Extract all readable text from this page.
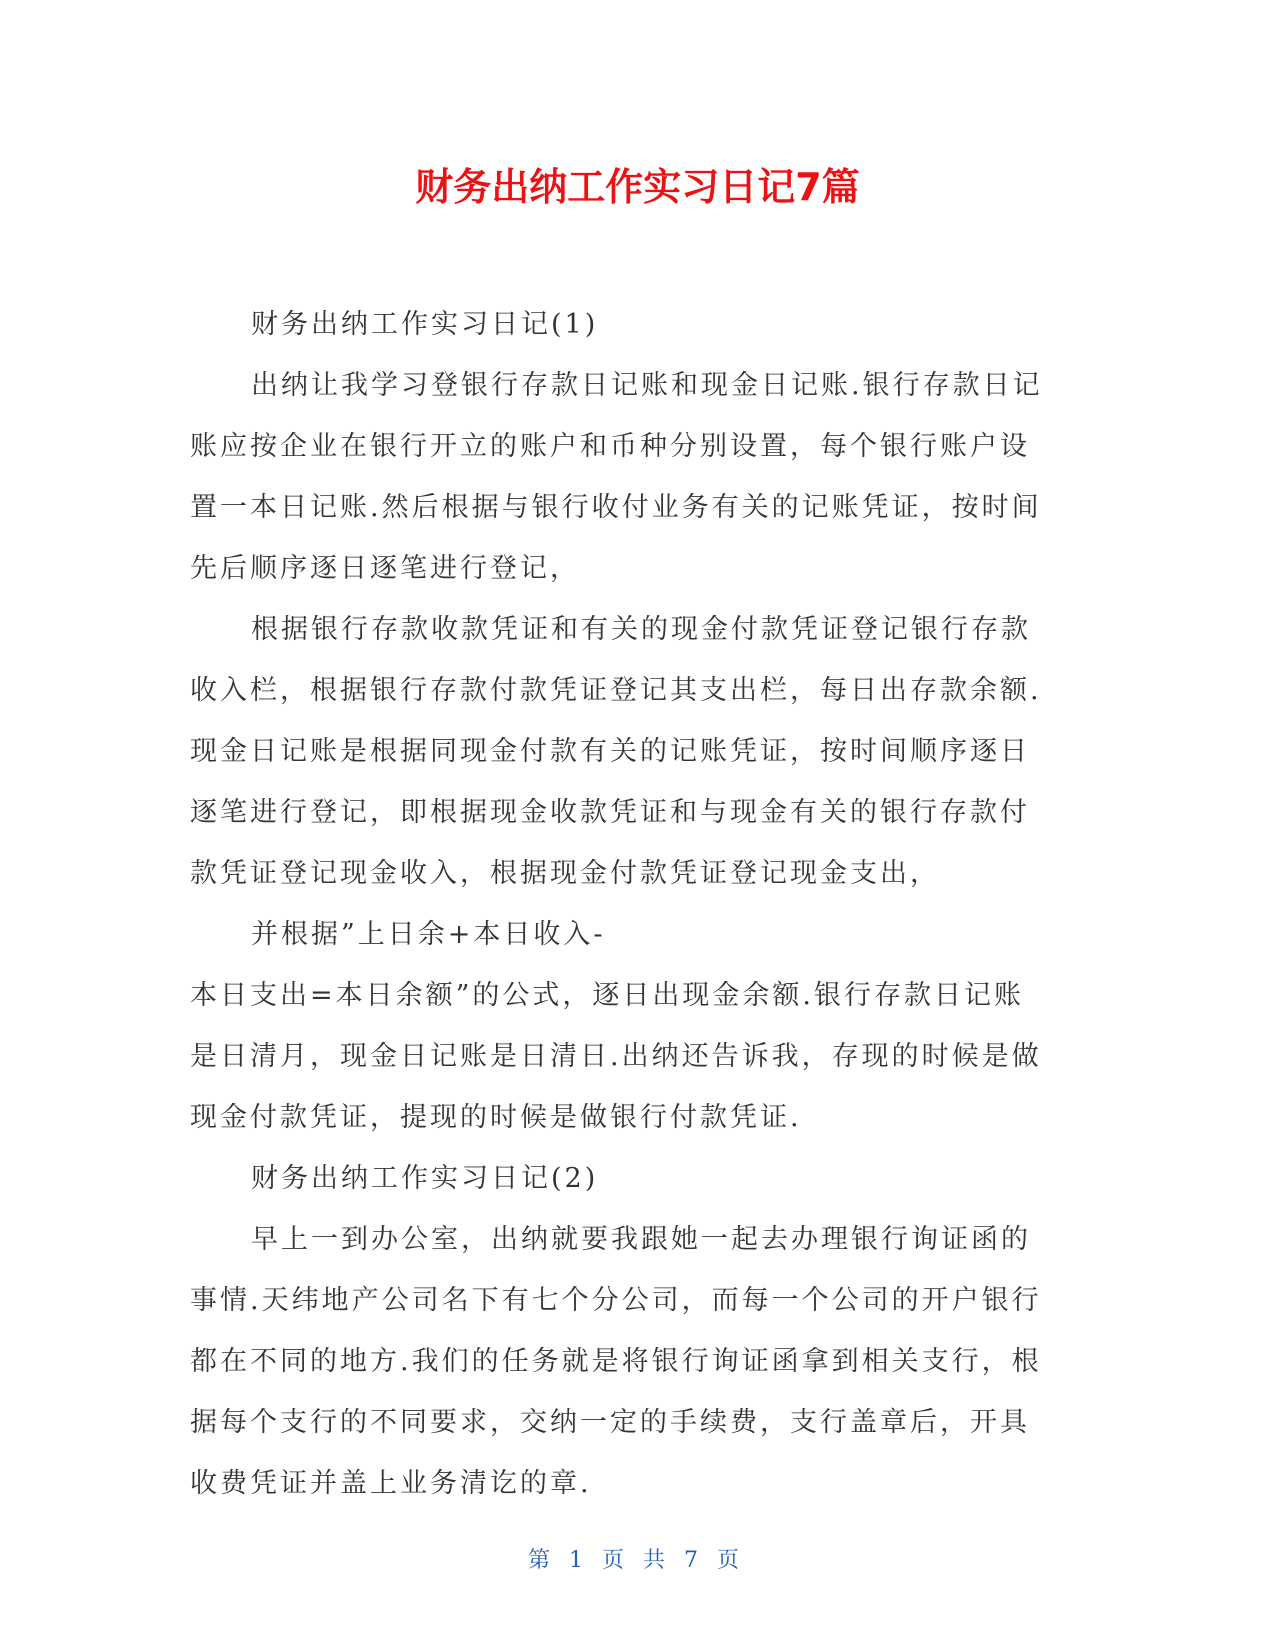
财务出纳工作实习日记7篇
财务出纳工作实习日记(1)
出纳让我学习登银行存款日记账和现金日记账.银行存款日记
账应按企业在银行开立的账户和币种分别设置，每个银行账户设
置一本日记账.然后根据与银行收付业务有关的记账凭证，按时间
先后顺序逐日逐笔进行登记，
根据银行存款收款凭证和有关的现金付款凭证登记银行存款
收入栏，根据银行存款付款凭证登记其支出栏，每日出存款余额.
现金日记账是根据同现金付款有关的记账凭证，按时间顺序逐日
逐笔进行登记，即根据现金收款凭证和与现金有关的银行存款付
款凭证登记现金收入，根据现金付款凭证登记现金支出，
并根据”上日余+本日收入-
本日支出=本日余额”的公式，逐日出现金余额.银行存款日记账
是日清月，现金日记账是日清日.出纳还告诉我，存现的时候是做
现金付款凭证，提现的时候是做银行付款凭证.
财务出纳工作实习日记(2)
早上一到办公室，出纳就要我跟她一起去办理银行询证函的
事情.天纬地产公司名下有七个分公司，而每一个公司的开户银行
都在不同的地方.我们的任务就是将银行询证函拿到相关支行，根
据每个支行的不同要求，交纳一定的手续费，支行盖章后，开具
收费凭证并盖上业务清讫的章.
第 1 页 共 7 页
